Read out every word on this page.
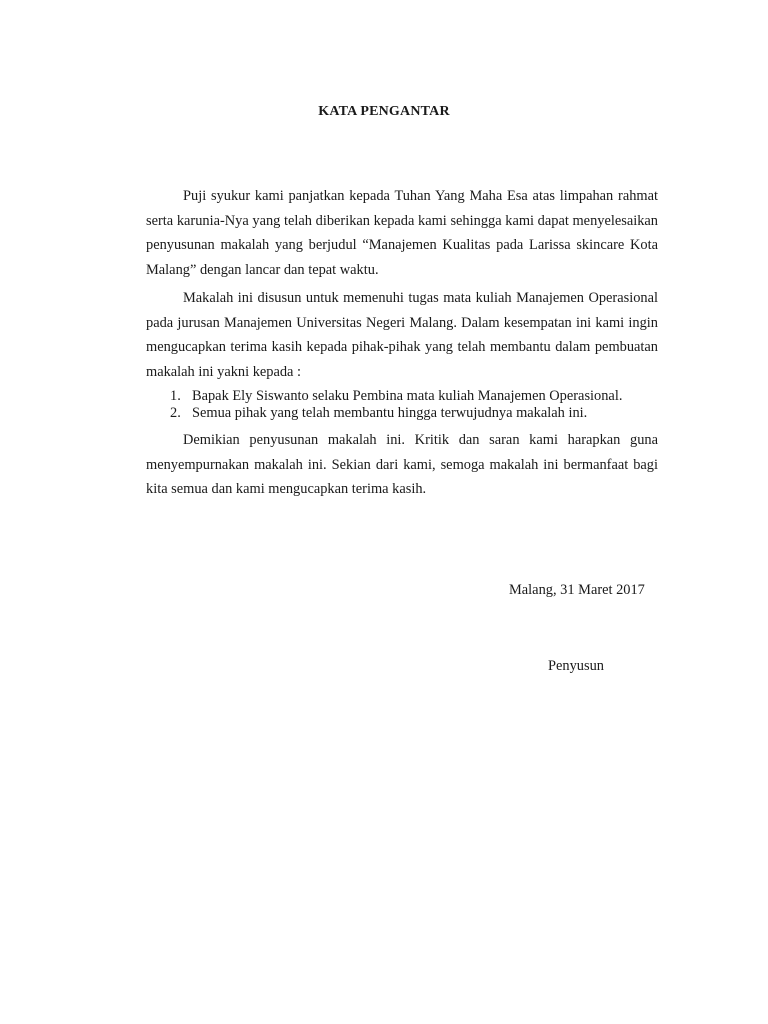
KATA PENGANTAR

Puji syukur kami panjatkan kepada Tuhan Yang Maha Esa atas limpahan rahmat serta karunia-Nya yang telah diberikan kepada kami sehingga kami dapat menyelesaikan penyusunan makalah yang berjudul “Manajemen Kualitas pada Larissa skincare Kota Malang” dengan lancar dan tepat waktu.

Makalah ini disusun untuk memenuhi tugas mata kuliah Manajemen Operasional pada jurusan Manajemen Universitas Negeri Malang. Dalam kesempatan ini kami ingin mengucapkan terima kasih kepada pihak-pihak yang telah membantu dalam pembuatan makalah ini yakni kepada :

1. Bapak Ely Siswanto selaku Pembina mata kuliah Manajemen Operasional.
2. Semua pihak yang telah membantu hingga terwujudnya makalah ini.

Demikian penyusunan makalah ini. Kritik dan saran kami harapkan guna menyempurnakan makalah ini. Sekian dari kami, semoga makalah ini bermanfaat bagi kita semua dan kami mengucapkan terima kasih.

Malang, 31 Maret 2017
Penyusun
